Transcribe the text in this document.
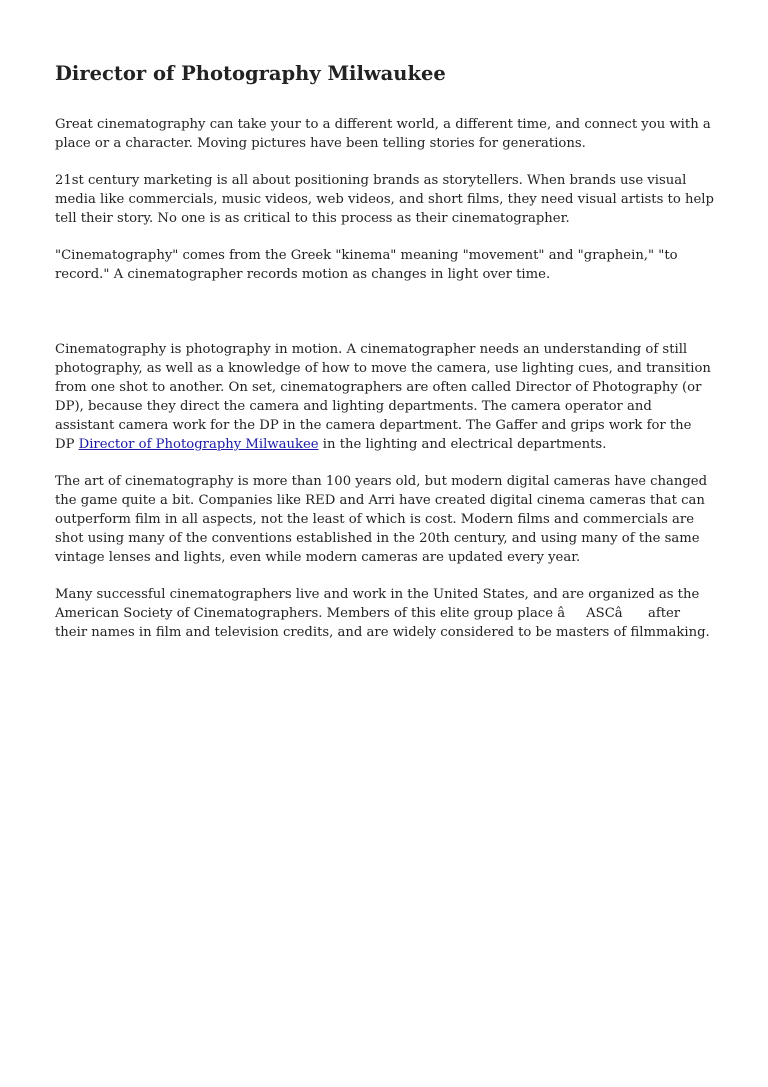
Director of Photography Milwaukee

Great cinematography can take your to a different world, a different time, and connect you with a place or a character. Moving pictures have been telling stories for generations.

21st century marketing is all about positioning brands as storytellers. When brands use visual media like commercials, music videos, web videos, and short films, they need visual artists to help tell their story. No one is as critical to this process as their cinematographer.

"Cinematography" comes from the Greek "kinema" meaning "movement" and "graphein," "to record." A cinematographer records motion as changes in light over time.

Cinematography is photography in motion. A cinematographer needs an understanding of still photography, as well as a knowledge of how to move the camera, use lighting cues, and transition from one shot to another. On set, cinematographers are often called Director of Photography (or DP), because they direct the camera and lighting departments. The camera operator and assistant camera work for the DP in the camera department. The Gaffer and grips work for the DP Director of Photography Milwaukee in the lighting and electrical departments.

The art of cinematography is more than 100 years old, but modern digital cameras have changed the game quite a bit. Companies like RED and Arri have created digital cinema cameras that can outperform film in all aspects, not the least of which is cost. Modern films and commercials are shot using many of the conventions established in the 20th century, and using many of the same vintage lenses and lights, even while modern cameras are updated every year.

Many successful cinematographers live and work in the United States, and are organized as the American Society of Cinematographers. Members of this elite group place âASCâ after their names in film and television credits, and are widely considered to be masters of filmmaking.
